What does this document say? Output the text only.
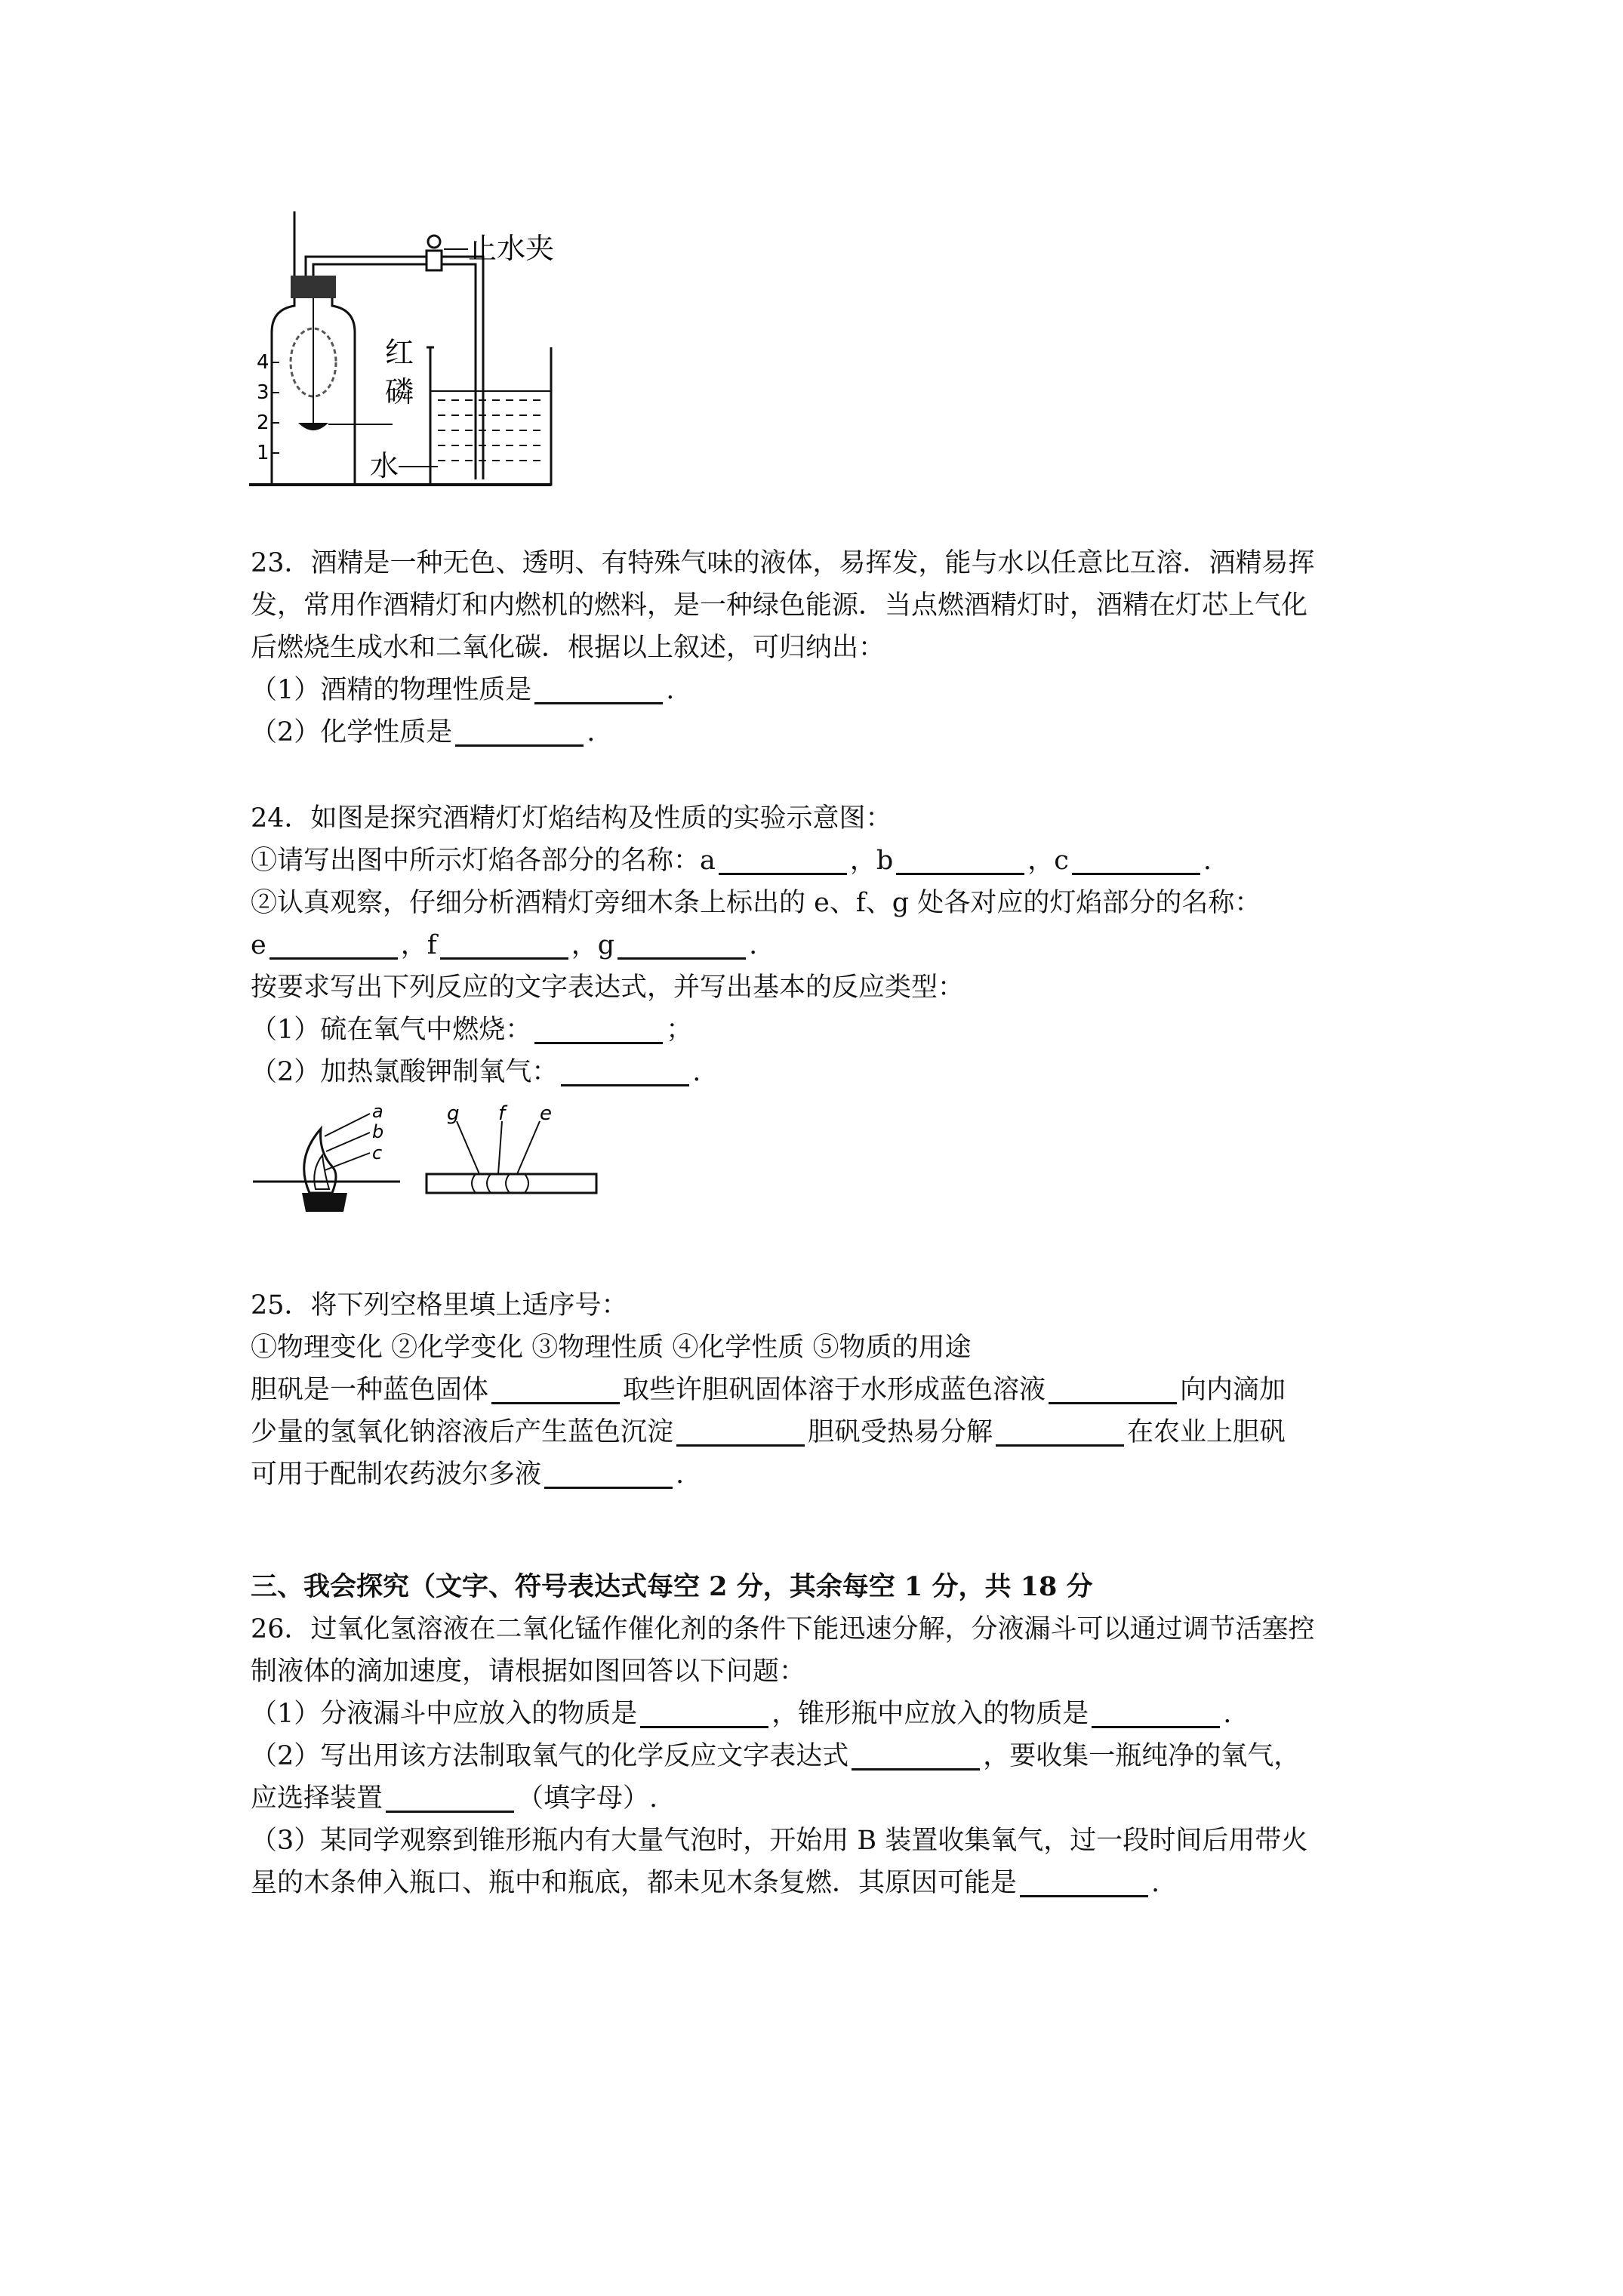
4
3
2
1
红
磷
止水夹
水
23．酒精是一种无色、透明、有特殊气味的液体，易挥发，能与水以任意比互溶．酒精易挥
发，常用作酒精灯和内燃机的燃料，是一种绿色能源．当点燃酒精灯时，酒精在灯芯上气化
后燃烧生成水和二氧化碳．根据以上叙述，可归纳出：
（1）酒精的物理性质是	.
（2）化学性质是	.
24．如图是探究酒精灯灯焰结构及性质的实验示意图：
①请写出图中所示灯焰各部分的名称：a	，b	，c	.
②认真观察，仔细分析酒精灯旁细木条上标出的 e、f、g 处各对应的灯焰部分的名称：
e	，f	，g	.
按要求写出下列反应的文字表达式，并写出基本的反应类型：
（1）硫在氧气中燃烧：	；
（2）加热氯酸钾制氧气：	.
a
b
c
g f e
25．将下列空格里填上适序号：
①物理变化 ②化学变化 ③物理性质 ④化学性质 ⑤物质的用途
胆矾是一种蓝色固体	取些许胆矾固体溶于水形成蓝色溶液	向内滴加
少量的氢氧化钠溶液后产生蓝色沉淀	胆矾受热易分解	在农业上胆矾
可用于配制农药波尔多液	.
三、我会探究（文字、符号表达式每空 2 分，其余每空 1 分，共 18 分
26．过氧化氢溶液在二氧化锰作催化剂的条件下能迅速分解，分液漏斗可以通过调节活塞控
制液体的滴加速度，请根据如图回答以下问题：
（1）分液漏斗中应放入的物质是	，锥形瓶中应放入的物质是	.
（2）写出用该方法制取氧气的化学反应文字表达式	，要收集一瓶纯净的氧气，
应选择装置	（填字母）.
（3）某同学观察到锥形瓶内有大量气泡时，开始用 B 装置收集氧气，过一段时间后用带火
星的木条伸入瓶口、瓶中和瓶底，都未见木条复燃．其原因可能是	.
